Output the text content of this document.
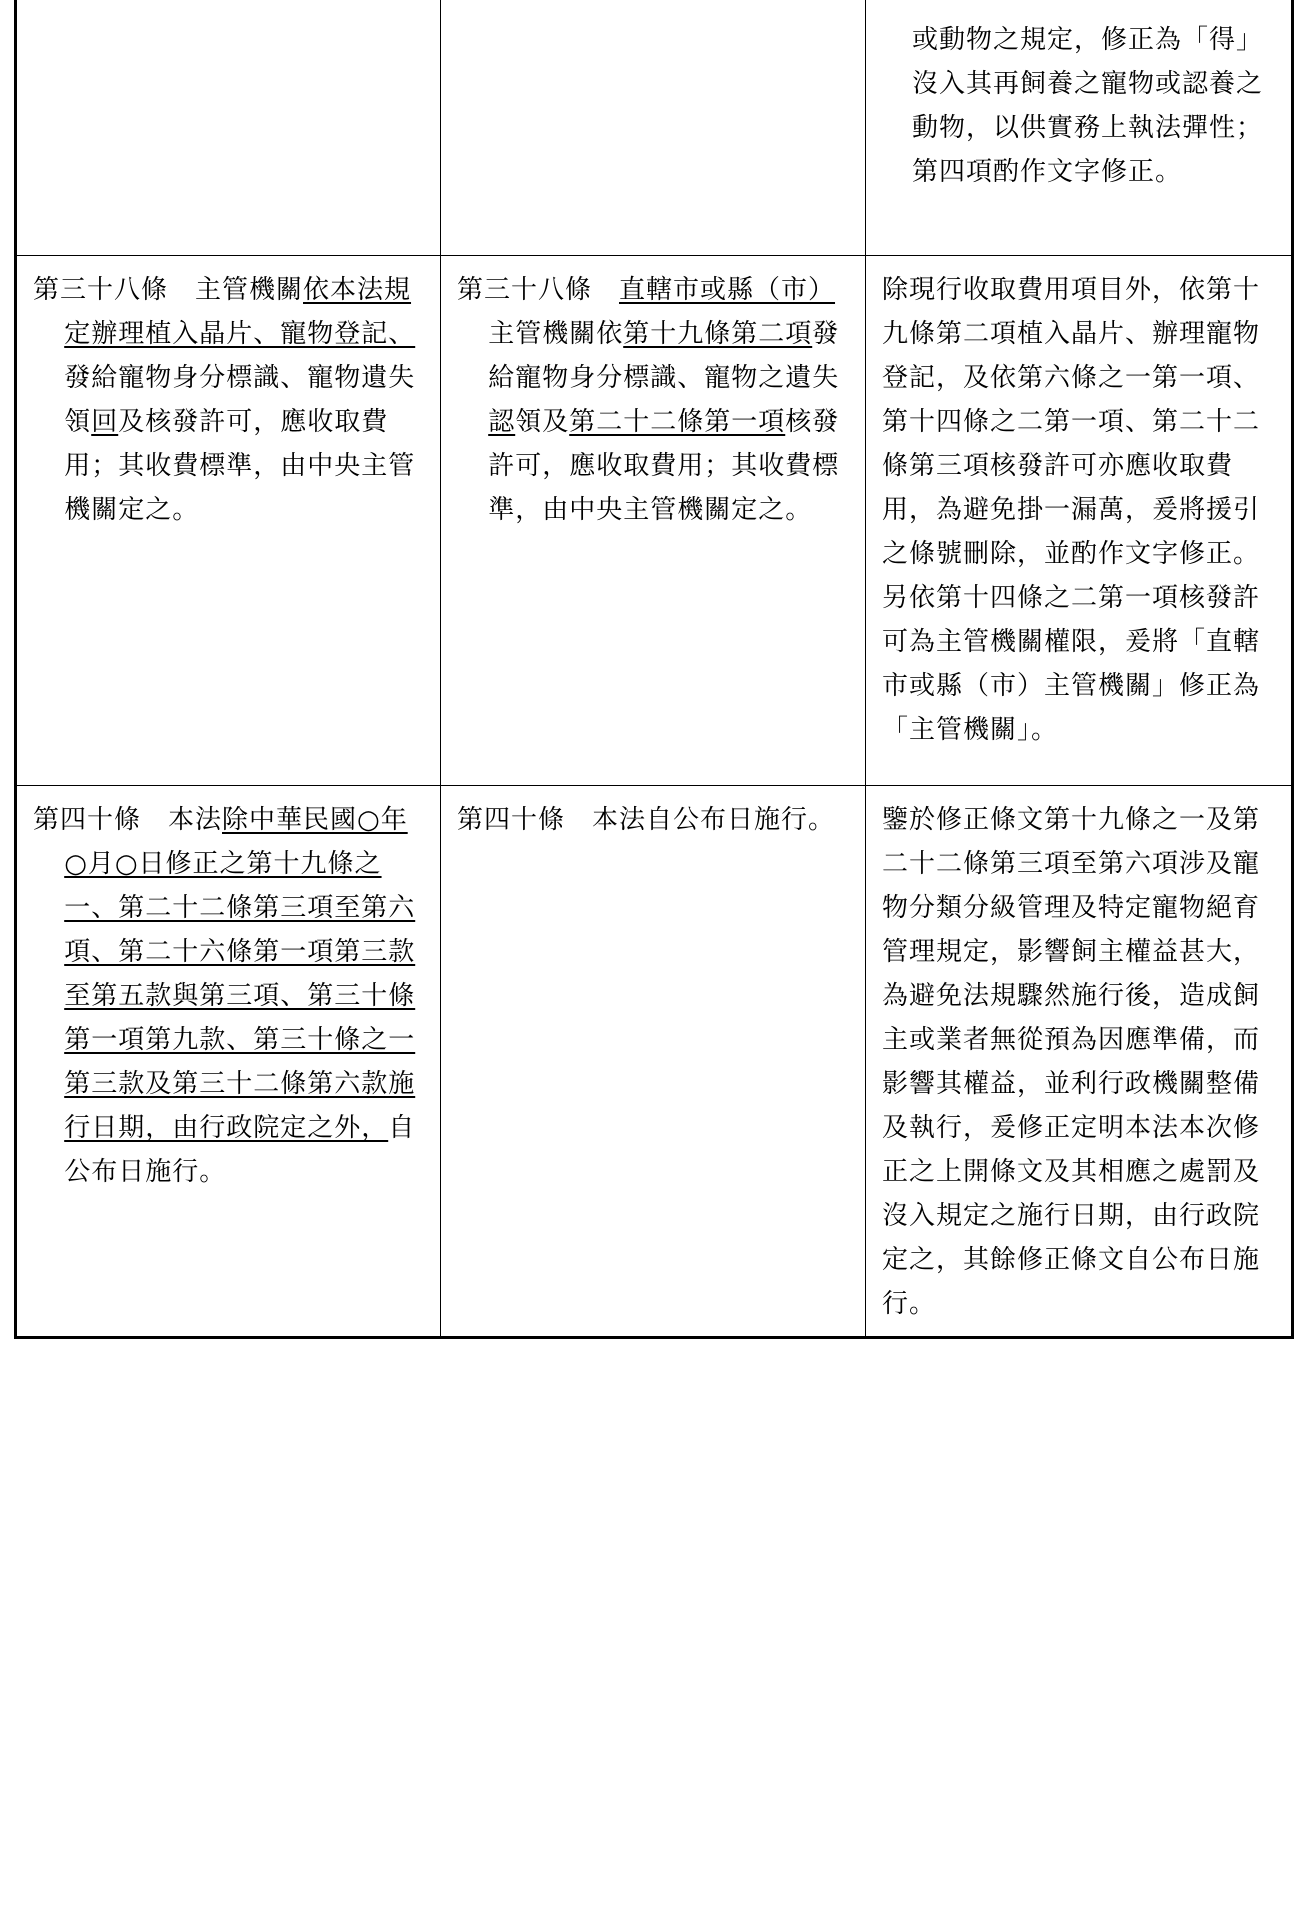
		或動物之規定，修正為「得」沒入其再飼養之寵物或認養之動物，以供實務上執法彈性；第四項酌作文字修正。

第三十八條　主管機關依本法規定辦理植入晶片、寵物登記、發給寵物身分標識、寵物遺失領回及核發許可，應收取費用；其收費標準，由中央主管機關定之。	第三十八條　直轄市或縣（市）主管機關依第十九條第二項發給寵物身分標識、寵物之遺失認領及第二十二條第一項核發許可，應收取費用；其收費標準，由中央主管機關定之。	除現行收取費用項目外，依第十九條第二項植入晶片、辦理寵物登記，及依第六條之一第一項、第十四條之二第一項、第二十二條第三項核發許可亦應收取費用，為避免掛一漏萬，爰將援引之條號刪除，並酌作文字修正。另依第十四條之二第一項核發許可為主管機關權限，爰將「直轄市或縣（市）主管機關」修正為「主管機關」。

第四十條　本法除中華民國○年○月○日修正之第十九條之一、第二十二條第三項至第六項、第二十六條第一項第三款至第五款與第三項、第三十條第一項第九款、第三十條之一第三款及第三十二條第六款施行日期，由行政院定之外，自公布日施行。	第四十條　本法自公布日施行。	鑒於修正條文第十九條之一及第二十二條第三項至第六項涉及寵物分類分級管理及特定寵物絕育管理規定，影響飼主權益甚大，為避免法規驟然施行後，造成飼主或業者無從預為因應準備，而影響其權益，並利行政機關整備及執行，爰修正定明本法本次修正之上開條文及其相應之處罰及沒入規定之施行日期，由行政院定之，其餘修正條文自公布日施行。
